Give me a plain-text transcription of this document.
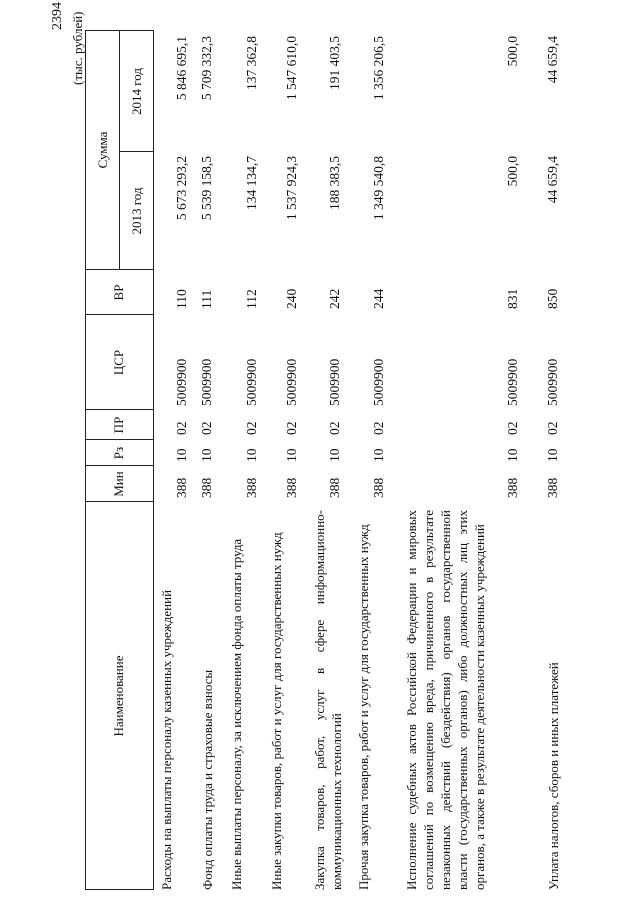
2394 (тыс. рублей)
Наименование
Мин
Рз
ПР
ЦСР
ВР
Сумма
2013 год
2014 год
Расходы на выплаты персоналу казенных учреждений
388
10
02
5009900
110
5 673 293,2
5 846 695,1
Фонд оплаты труда и страховые взносы
388
10
02
5009900
111
5 539 158,5
5 709 332,3
Иные выплаты персоналу, за исключением фонда оплаты труда
388
10
02
5009900
112
134 134,7
137 362,8
Иные закупки товаров, работ и услуг для государственных нужд
388
10
02
5009900
240
1 537 924,3
1 547 610,0
Закупка товаров, работ, услуг в сфере информационно-коммуникационных технологий
388
10
02
5009900
242
188 383,5
191 403,5
Прочая закупка товаров, работ и услуг для государственных нужд
388
10
02
5009900
244
1 349 540,8
1 356 206,5
Исполнение судебных актов Российской Федерации и мировых соглашений по возмещению вреда, причиненного в результате незаконных действий (бездействия) органов государственной власти (государственных органов) либо должностных лиц этих органов, а также в результате деятельности казенных учреждений
388
10
02
5009900
831
500,0
500,0
Уплата налогов, сборов и иных платежей
388
10
02
5009900
850
44 659,4
44 659,4
